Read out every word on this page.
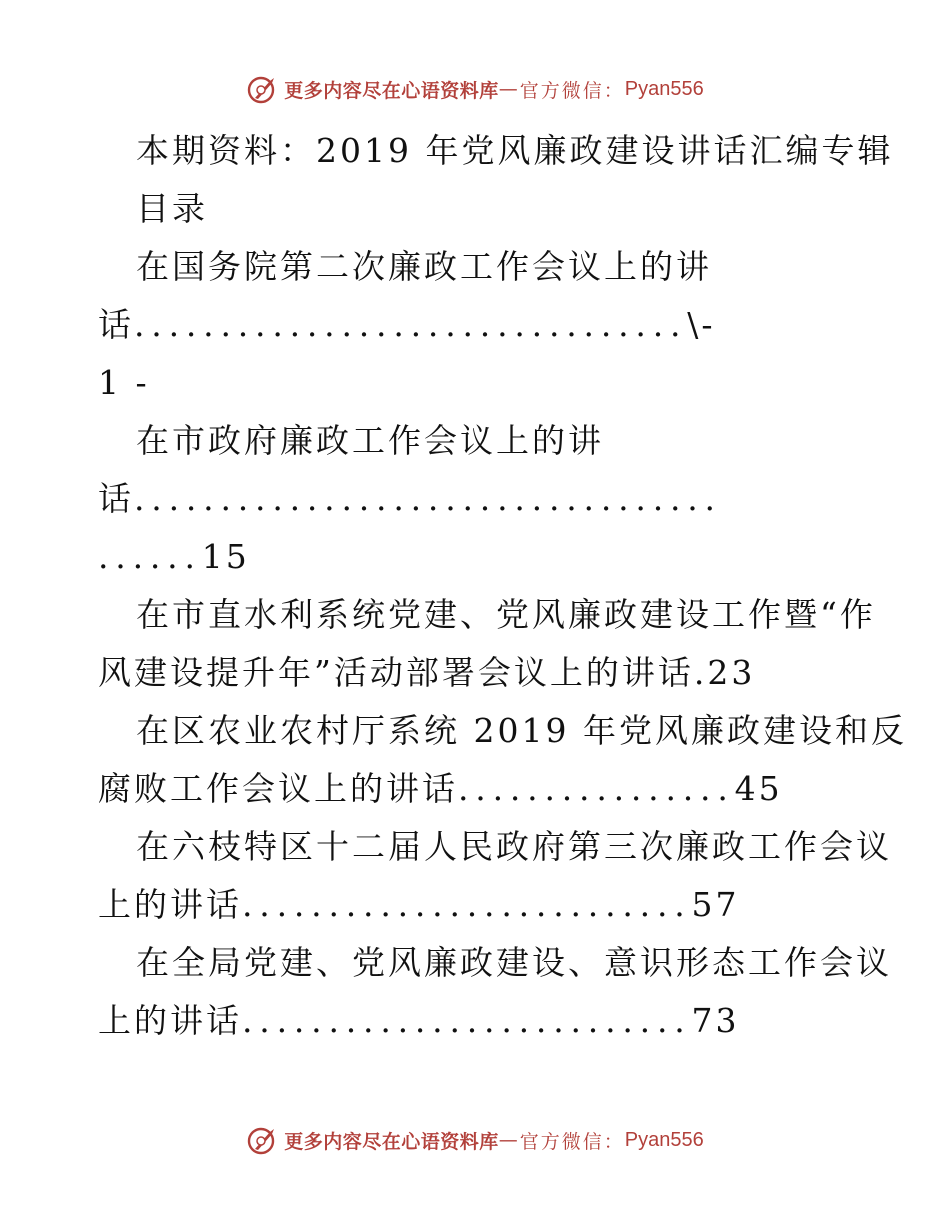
更多内容尽在心语资料库 — 官方微信： Pyan556
本期资料：2019 年党风廉政建设讲话汇编专辑
目录
在国务院第二次廉政工作会议上的讲
话................................\-
1 -
在市政府廉政工作会议上的讲
话..................................
......15
在市直水利系统党建、党风廉政建设工作暨“作
风建设提升年”活动部署会议上的讲话.23
在区农业农村厅系统 2019 年党风廉政建设和反
腐败工作会议上的讲话................45
在六枝特区十二届人民政府第三次廉政工作会议
上的讲话..........................57
在全局党建、党风廉政建设、意识形态工作会议
上的讲话..........................73
更多内容尽在心语资料库 — 官方微信： Pyan556
